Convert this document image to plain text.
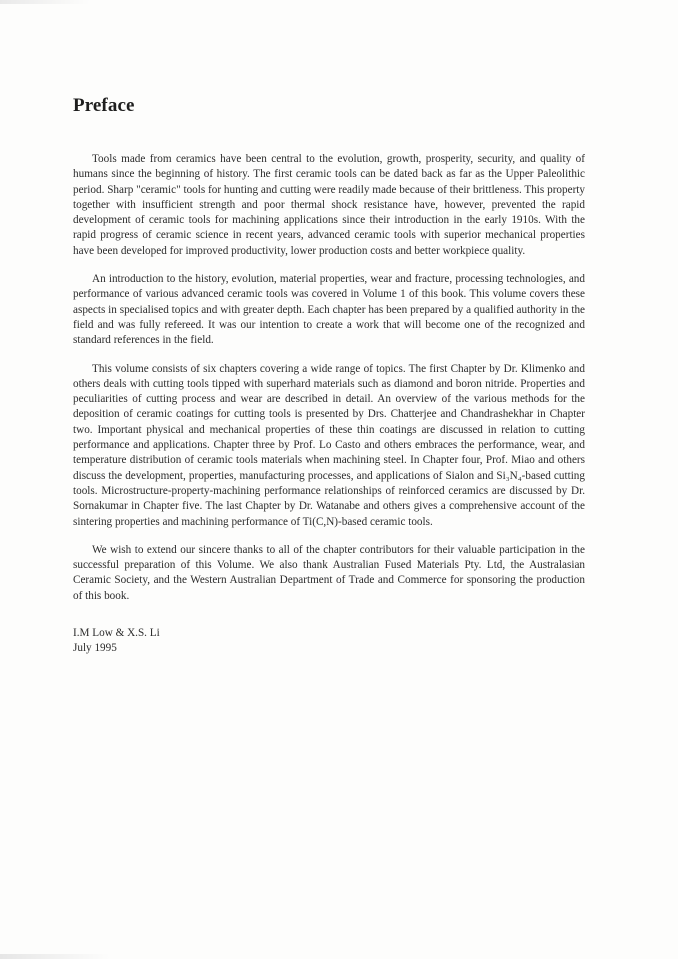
Preface

Tools made from ceramics have been central to the evolution, growth, prosperity, security, and quality of humans since the beginning of history. The first ceramic tools can be dated back as far as the Upper Paleolithic period. Sharp "ceramic" tools for hunting and cutting were readily made because of their brittleness. This property together with insufficient strength and poor thermal shock resistance have, however, prevented the rapid development of ceramic tools for machining applications since their introduction in the early 1910s. With the rapid progress of ceramic science in recent years, advanced ceramic tools with superior mechanical properties have been developed for improved productivity, lower production costs and better workpiece quality.

An introduction to the history, evolution, material properties, wear and fracture, processing technologies, and performance of various advanced ceramic tools was covered in Volume 1 of this book. This volume covers these aspects in specialised topics and with greater depth. Each chapter has been prepared by a qualified authority in the field and was fully refereed. It was our intention to create a work that will become one of the recognized and standard references in the field.

This volume consists of six chapters covering a wide range of topics. The first Chapter by Dr. Klimenko and others deals with cutting tools tipped with superhard materials such as diamond and boron nitride. Properties and peculiarities of cutting process and wear are described in detail. An overview of the various methods for the deposition of ceramic coatings for cutting tools is presented by Drs. Chatterjee and Chandrashekhar in Chapter two. Important physical and mechanical properties of these thin coatings are discussed in relation to cutting performance and applications. Chapter three by Prof. Lo Casto and others embraces the performance, wear, and temperature distribution of ceramic tools materials when machining steel. In Chapter four, Prof. Miao and others discuss the development, properties, manufacturing processes, and applications of Sialon and Si₃N₄-based cutting tools. Microstructure-property-machining performance relationships of reinforced ceramics are discussed by Dr. Sornakumar in Chapter five. The last Chapter by Dr. Watanabe and others gives a comprehensive account of the sintering properties and machining performance of Ti(C,N)-based ceramic tools.

We wish to extend our sincere thanks to all of the chapter contributors for their valuable participation in the successful preparation of this Volume. We also thank Australian Fused Materials Pty. Ltd, the Australasian Ceramic Society, and the Western Australian Department of Trade and Commerce for sponsoring the production of this book.

I.M Low & X.S. Li
July 1995
